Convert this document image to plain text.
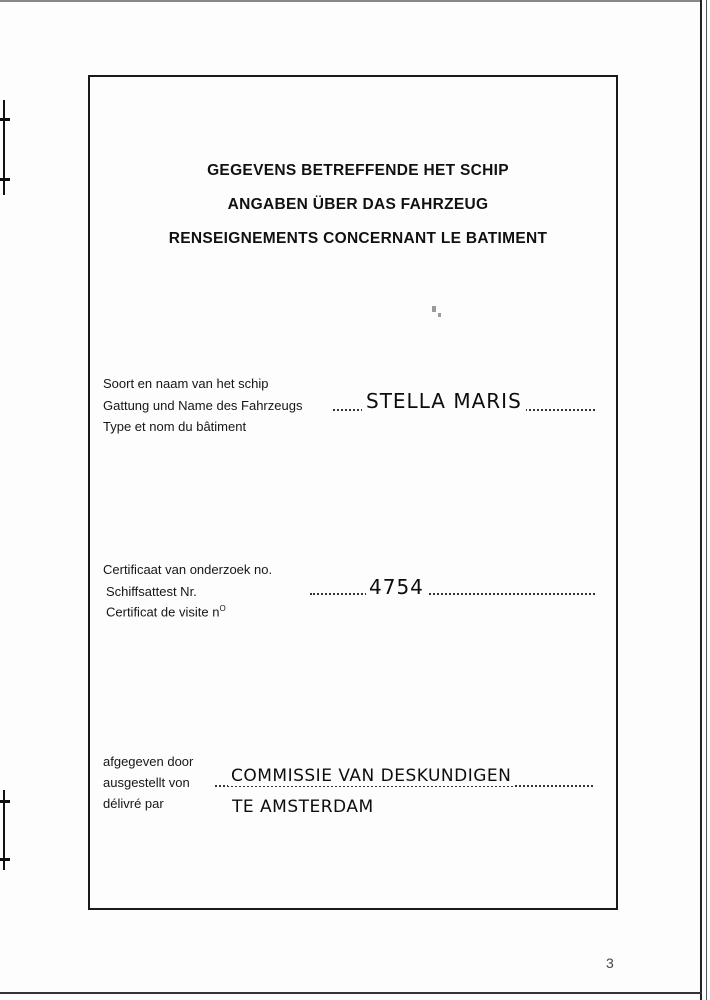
GEGEVENS BETREFFENDE HET SCHIP
ANGABEN ÜBER DAS FAHRZEUG
RENSEIGNEMENTS CONCERNANT LE BATIMENT
Soort en naam van het schip
Gattung und Name des Fahrzeugs
Type et nom du bâtiment
STELLA MARIS
Certificaat van onderzoek no.
Schiffsattest Nr.
Certificat de visite $n^O$
4754
afgegeven door
ausgestellt von
délivré par
COMMISSIE VAN DESKUNDIGEN
TE AMSTERDAM
3
